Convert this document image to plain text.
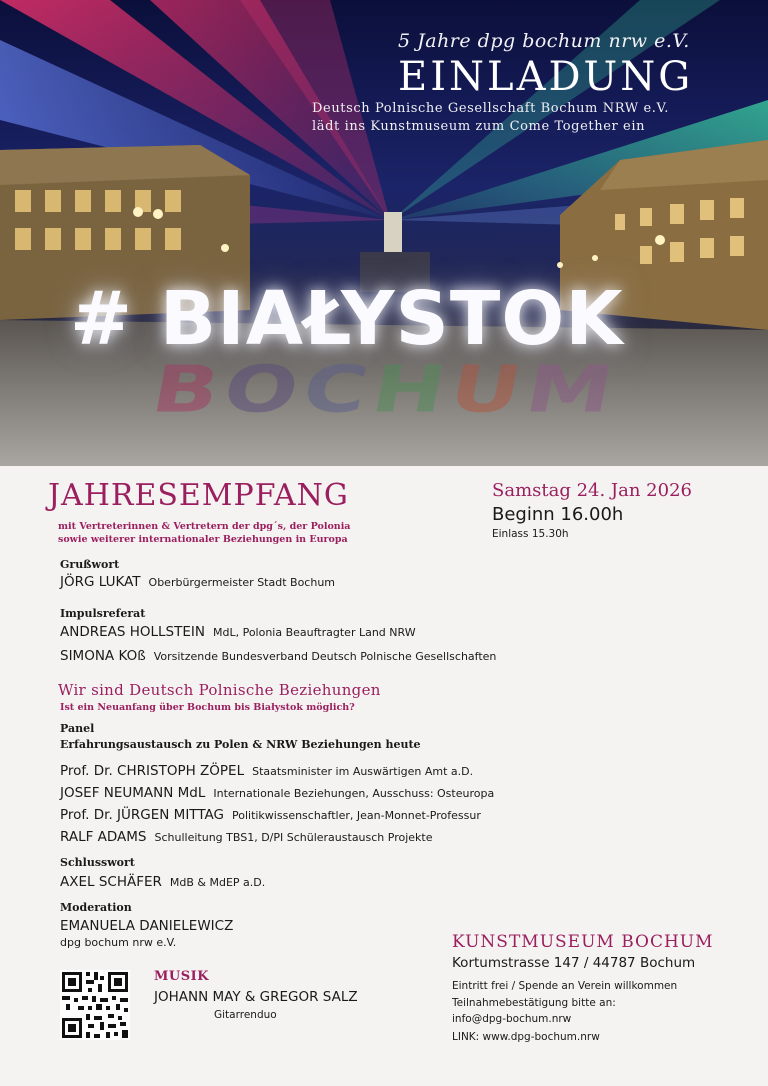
BOCHUM
# BIAŁYSTOK
5 Jahre dpg bochum nrw e.V.
EINLADUNG
Deutsch Polnische Gesellschaft Bochum NRW e.V.
lädt ins Kunstmuseum zum Come Together ein
JAHRESEMPFANG
mit Vertreterinnen & Vertretern der dpg´s, der Polonia
sowie weiterer internationaler Beziehungen in Europa
Samstag 24. Jan 2026
Beginn 16.00h
Einlass 15.30h
Grußwort
JÖRG LUKAT Oberbürgermeister Stadt Bochum
Impulsreferat
ANDREAS HOLLSTEIN MdL, Polonia Beauftragter Land NRW
SIMONA KOß Vorsitzende Bundesverband Deutsch Polnische Gesellschaften
Wir sind Deutsch Polnische Beziehungen
Ist ein Neuanfang über Bochum bis Białystok möglich?
Panel
Erfahrungsaustausch zu Polen & NRW Beziehungen heute
Prof. Dr. CHRISTOPH ZÖPEL Staatsminister im Auswärtigen Amt a.D.
JOSEF NEUMANN MdL Internationale Beziehungen, Ausschuss: Osteuropa
Prof. Dr. JÜRGEN MITTAG Politikwissenschaftler, Jean-Monnet-Professur
RALF ADAMS Schulleitung TBS1, D/PI Schüleraustausch Projekte
Schlusswort
AXEL SCHÄFER MdB & MdEP a.D.
Moderation
EMANUELA DANIELEWICZ
dpg bochum nrw e.V.
MUSIK
JOHANN MAY & GREGOR SALZ
Gitarrenduo
KUNSTMUSEUM BOCHUM
Kortumstrasse 147 / 44787 Bochum
Eintritt frei / Spende an Verein willkommen
Teilnahmebestätigung bitte an:
info@dpg-bochum.nrw
LINK: www.dpg-bochum.nrw
